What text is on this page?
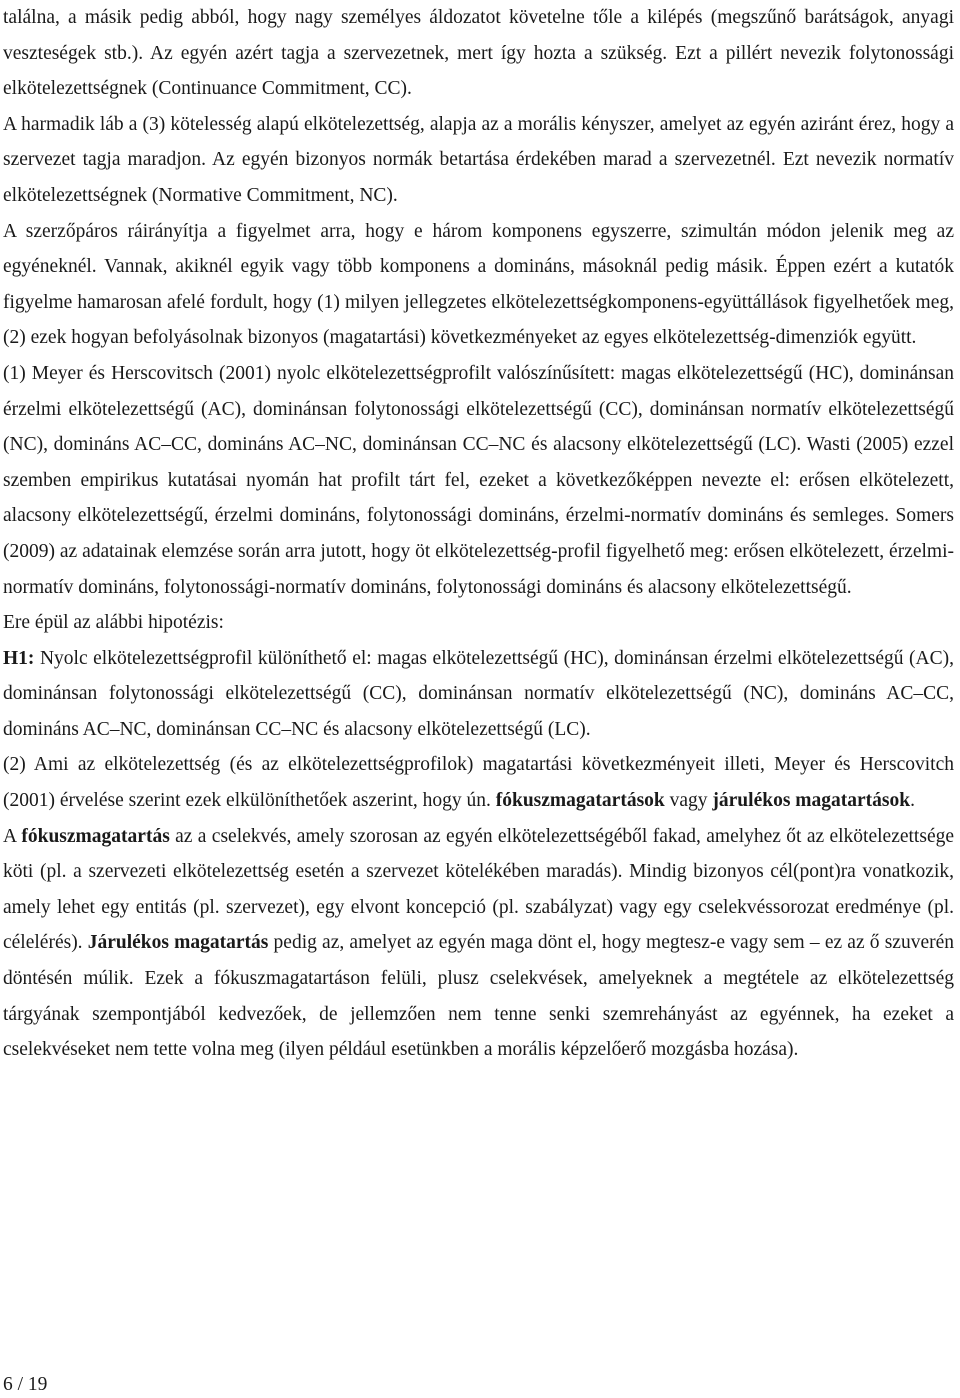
találna, a másik pedig abból, hogy nagy személyes áldozatot követelne tőle a kilépés (megszűnő barátságok, anyagi veszteségek stb.). Az egyén azért tagja a szervezetnek, mert így hozta a szükség. Ezt a pillért nevezik folytonossági elkötelezettségnek (Continuance Commitment, CC).

A harmadik láb a (3) kötelesség alapú elkötelezettség, alapja az a morális kényszer, amelyet az egyén aziránt érez, hogy a szervezet tagja maradjon. Az egyén bizonyos normák betartása érdekében marad a szervezetnél. Ezt nevezik normatív elkötelezettségnek (Normative Commitment, NC).

A szerzőpáros ráirányítja a figyelmet arra, hogy e három komponens egyszerre, szimultán módon jelenik meg az egyéneknél. Vannak, akiknél egyik vagy több komponens a domináns, másoknál pedig másik. Éppen ezért a kutatók figyelme hamarosan afelé fordult, hogy (1) milyen jellegzetes elkötelezettségkomponens-együttállások figyelhetőek meg, (2) ezek hogyan befolyásolnak bizonyos (magatartási) következményeket az egyes elkötelezettség-dimenziók együtt.

(1) Meyer és Herscovitsch (2001) nyolc elkötelezettségprofilt valószínűsített: magas elkötelezettségű (HC), dominánsan érzelmi elkötelezettségű (AC), dominánsan folytonossági elkötelezettségű (CC), dominánsan normatív elkötelezettségű (NC), domináns AC–CC, domináns AC–NC, dominánsan CC–NC és alacsony elkötelezettségű (LC). Wasti (2005) ezzel szemben empirikus kutatásai nyomán hat profilt tárt fel, ezeket a következőképpen nevezte el: erősen elkötelezett, alacsony elkötelezettségű, érzelmi domináns, folytonossági domináns, érzelmi-normatív domináns és semleges. Somers (2009) az adatainak elemzése során arra jutott, hogy öt elkötelezettség-profil figyelhető meg: erősen elkötelezett, érzelmi-normatív domináns, folytonossági-normatív domináns, folytonossági domináns és alacsony elkötelezettségű.

Ere épül az alábbi hipotézis:

H1: Nyolc elkötelezettségprofil különíthető el: magas elkötelezettségű (HC), dominánsan érzelmi elkötelezettségű (AC), dominánsan folytonossági elkötelezettségű (CC), dominánsan normatív elkötelezettségű (NC), domináns AC–CC, domináns AC–NC, dominánsan CC–NC és alacsony elkötelezettségű (LC).

(2) Ami az elkötelezettség (és az elkötelezettségprofilok) magatartási következményeit illeti, Meyer és Herscovitch (2001) érvelése szerint ezek elkülöníthetőek aszerint, hogy ún. fókuszmagatartások vagy járulékos magatartások.

A fókuszmagatartás az a cselekvés, amely szorosan az egyén elkötelezettségéből fakad, amelyhez őt az elkötelezettsége köti (pl. a szervezeti elkötelezettség esetén a szervezet kötelékében maradás). Mindig bizonyos cél(pont)ra vonatkozik, amely lehet egy entitás (pl. szervezet), egy elvont koncepció (pl. szabályzat) vagy egy cselekvéssorozat eredménye (pl. célelérés). Járulékos magatartás pedig az, amelyet az egyén maga dönt el, hogy megtesz-e vagy sem – ez az ő szuverén döntésén múlik. Ezek a fókuszmagatartáson felüli, plusz cselekvések, amelyeknek a megtétele az elkötelezettség tárgyának szempontjából kedvezőek, de jellemzően nem tenne senki szemrehányást az egyénnek, ha ezeket a cselekvéseket nem tette volna meg (ilyen például esetünkben a morális képzelőerő mozgásba hozása).

6 / 19
